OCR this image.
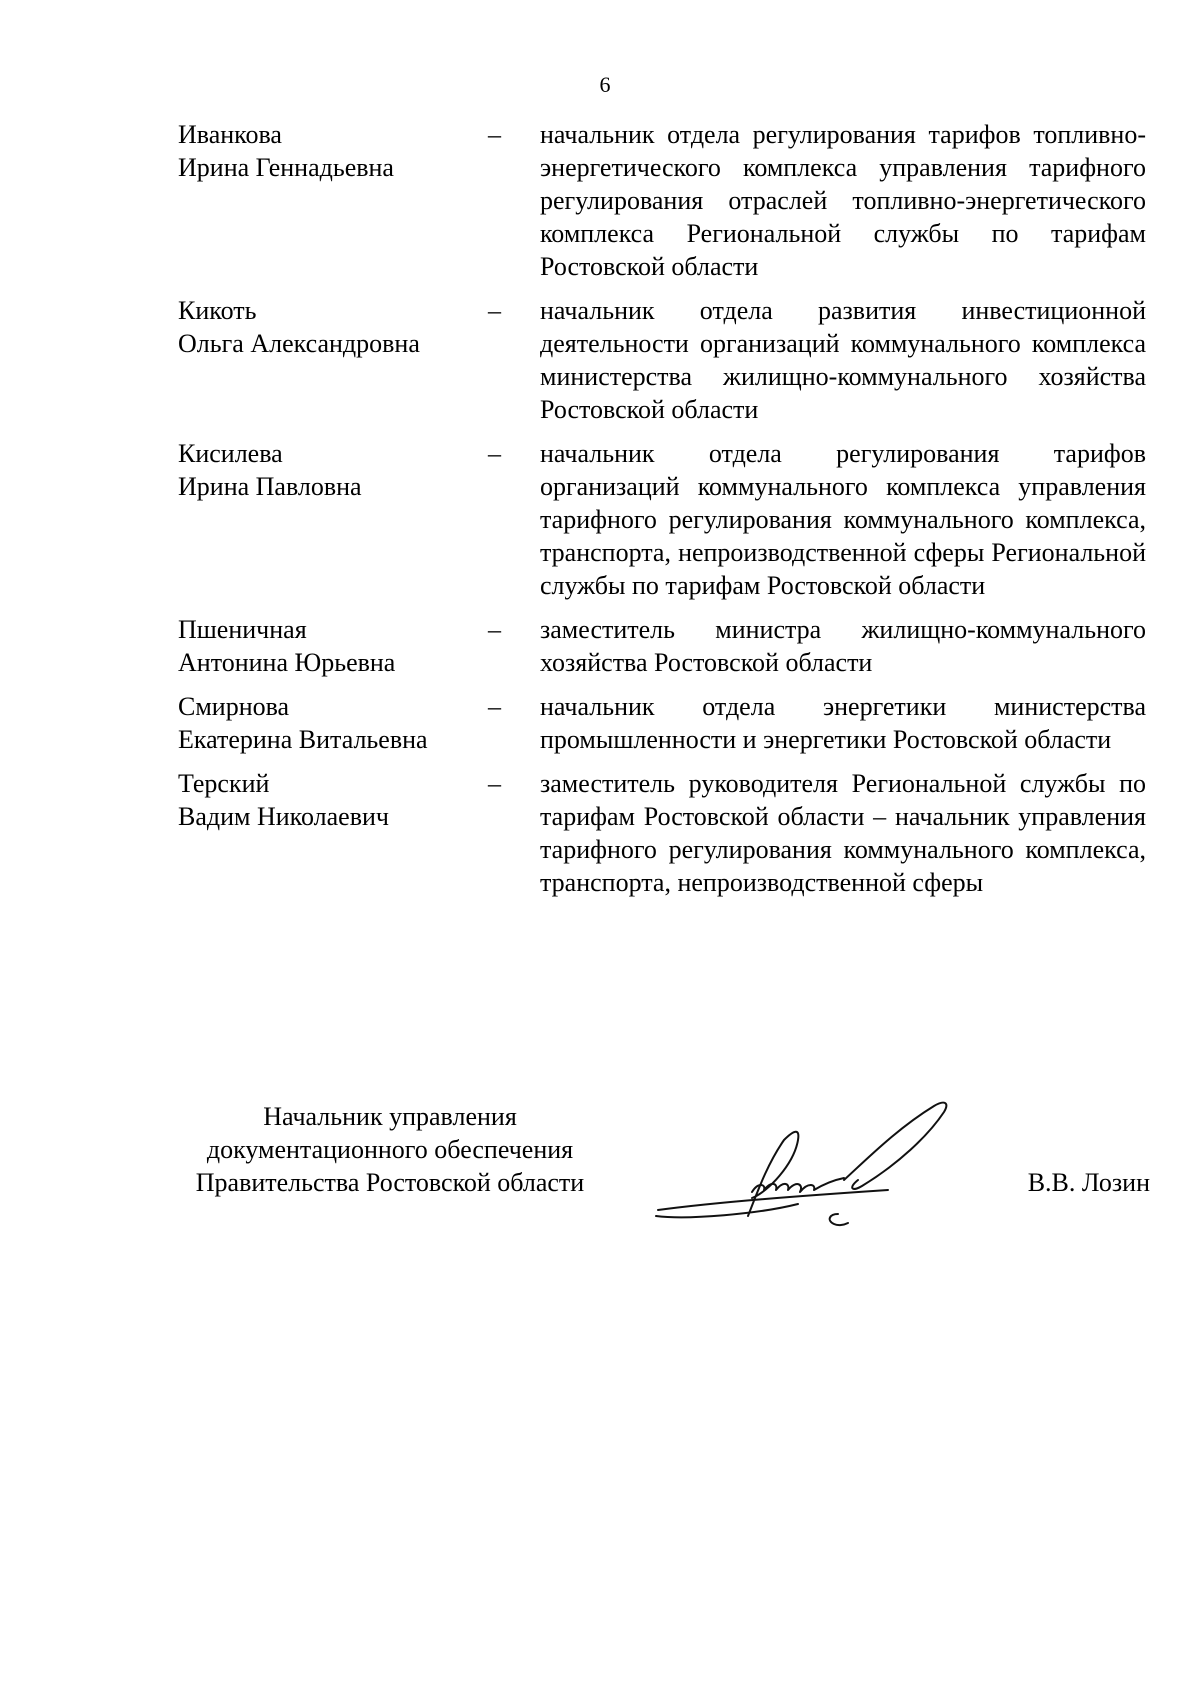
6
Иванкова
Ирина Геннадьевна
–	начальник отдела регулирования тарифов топливно-энергетического комплекса управления тарифного регулирования отраслей топливно-энергетического комплекса Региональной службы по тарифам Ростовской области
Кикоть
Ольга Александровна
–	начальник отдела развития инвестиционной деятельности организаций коммунального комплекса министерства жилищно-коммунального хозяйства Ростовской области
Кисилева
Ирина Павловна
–	начальник отдела регулирования тарифов организаций коммунального комплекса управления тарифного регулирования коммунального комплекса, транспорта, непроизводственной сферы Региональной службы по тарифам Ростовской области
Пшеничная
Антонина Юрьевна
–	заместитель министра жилищно-коммунального хозяйства Ростовской области
Смирнова
Екатерина Витальевна
–	начальник отдела энергетики министерства промышленности и энергетики Ростовской области
Терский
Вадим Николаевич
–	заместитель руководителя Региональной службы по тарифам Ростовской области – начальник управления тарифного регулирования коммунального комплекса, транспорта, непроизводственной сферы
Начальник управления
документационного обеспечения
Правительства Ростовской области	В.В. Лозин
